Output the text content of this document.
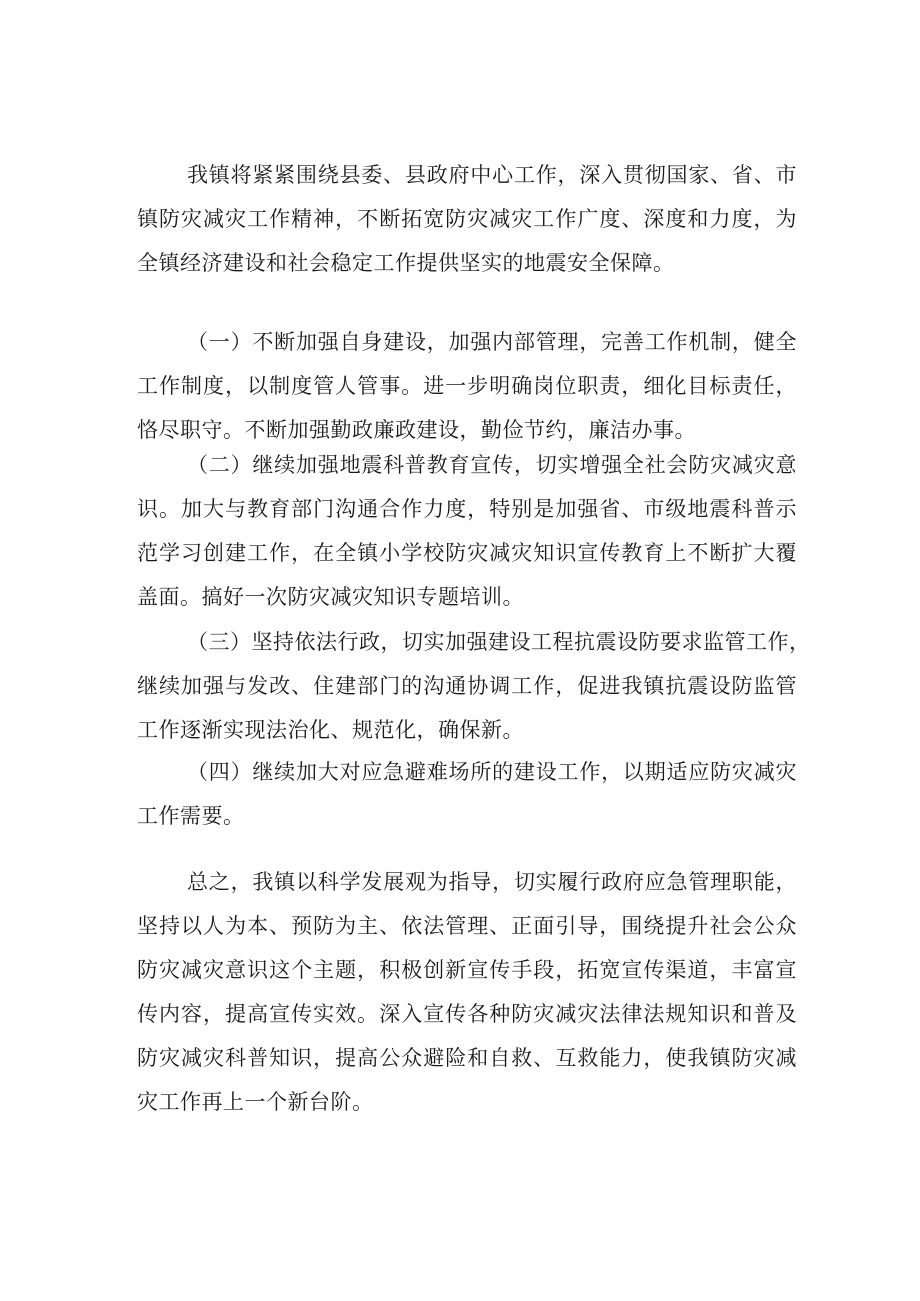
我镇将紧紧围绕县委、县政府中心工作，深入贯彻国家、省、市
镇防灾减灾工作精神，不断拓宽防灾减灾工作广度、深度和力度，为
全镇经济建设和社会稳定工作提供坚实的地震安全保障。

（一）不断加强自身建设，加强内部管理，完善工作机制，健全
工作制度，以制度管人管事。进一步明确岗位职责，细化目标责任，
恪尽职守。不断加强勤政廉政建设，勤俭节约，廉洁办事。

（二）继续加强地震科普教育宣传，切实增强全社会防灾减灾意
识。加大与教育部门沟通合作力度，特别是加强省、市级地震科普示
范学习创建工作，在全镇小学校防灾减灾知识宣传教育上不断扩大覆
盖面。搞好一次防灾减灾知识专题培训。

（三）坚持依法行政，切实加强建设工程抗震设防要求监管工作，
继续加强与发改、住建部门的沟通协调工作，促进我镇抗震设防监管
工作逐渐实现法治化、规范化，确保新。

（四）继续加大对应急避难场所的建设工作，以期适应防灾减灾
工作需要。

总之，我镇以科学发展观为指导，切实履行政府应急管理职能，
坚持以人为本、预防为主、依法管理、正面引导，围绕提升社会公众
防灾减灾意识这个主题，积极创新宣传手段，拓宽宣传渠道，丰富宣
传内容，提高宣传实效。深入宣传各种防灾减灾法律法规知识和普及
防灾减灾科普知识，提高公众避险和自救、互救能力，使我镇防灾减
灾工作再上一个新台阶。
